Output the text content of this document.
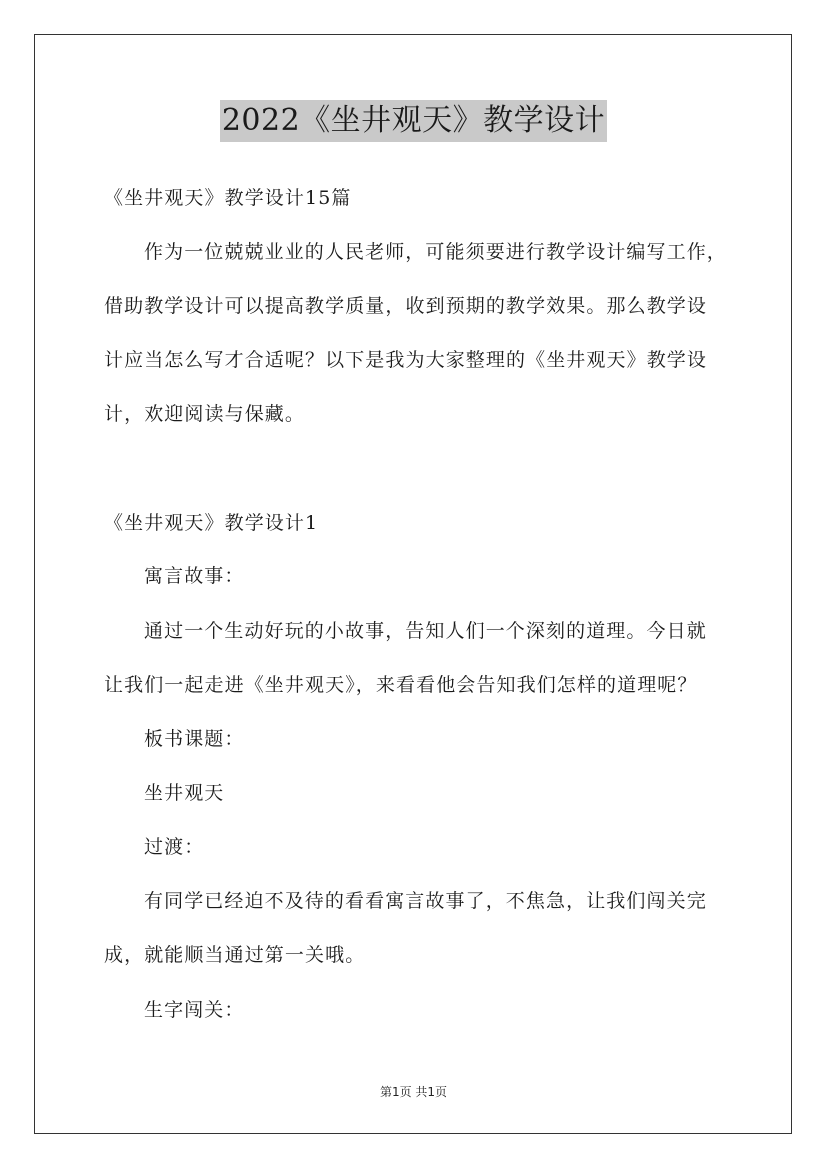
2022《坐井观天》教学设计
《坐井观天》教学设计15篇
作为一位兢兢业业的人民老师，可能须要进行教学设计编写工作，
借助教学设计可以提高教学质量，收到预期的教学效果。那么教学设
计应当怎么写才合适呢？以下是我为大家整理的《坐井观天》教学设
计，欢迎阅读与保藏。
《坐井观天》教学设计1
寓言故事：
通过一个生动好玩的小故事，告知人们一个深刻的道理。今日就
让我们一起走进《坐井观天》，来看看他会告知我们怎样的道理呢？
板书课题：
坐井观天
过渡：
有同学已经迫不及待的看看寓言故事了，不焦急，让我们闯关完
成，就能顺当通过第一关哦。
生字闯关：
第1页 共1页
